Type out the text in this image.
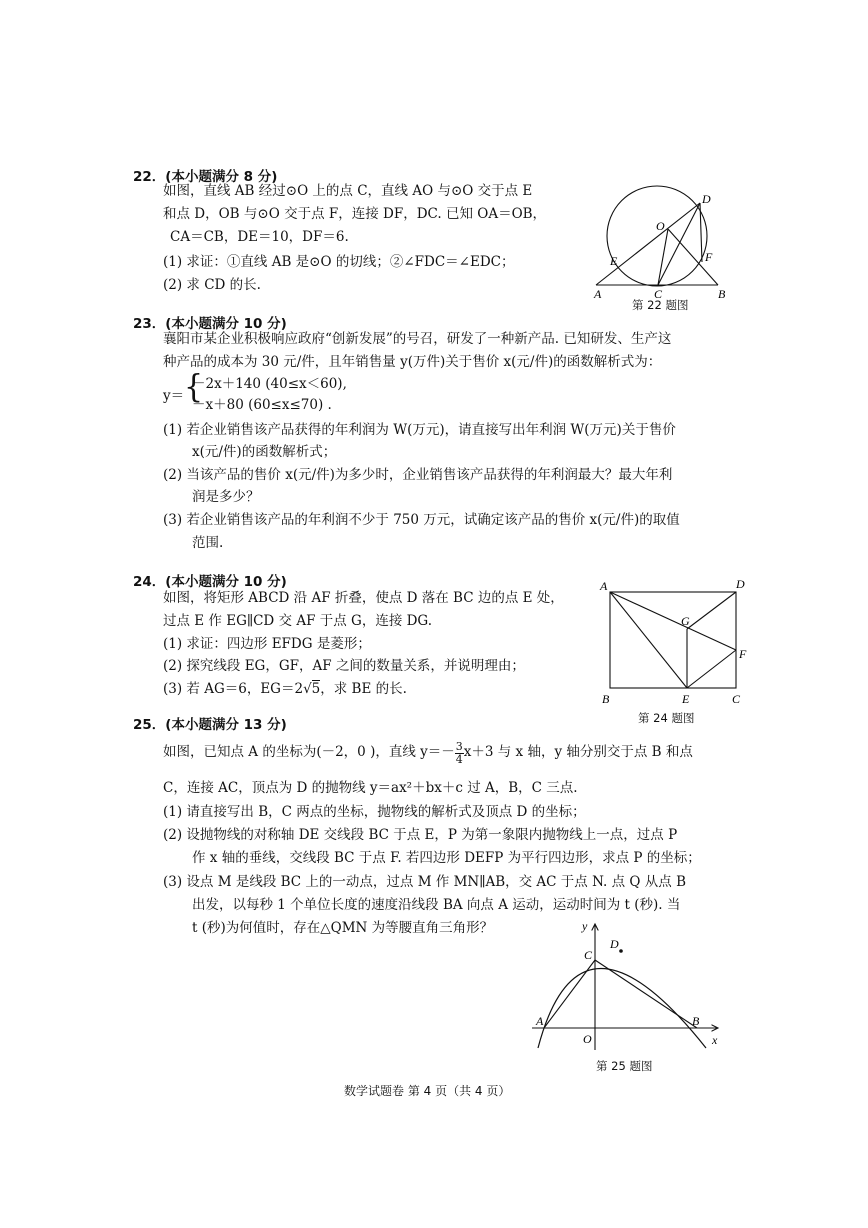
22．(本小题满分 8 分)
如图，直线 AB 经过⊙O 上的点 C，直线 AO 与⊙O 交于点 E
和点 D，OB 与⊙O 交于点 F，连接 DF，DC. 已知 OA＝OB，
CA＝CB，DE＝10，DF＝6.
(1) 求证：①直线 AB 是⊙O 的切线；②∠FDC＝∠EDC；
(2) 求 CD 的长.
D
O
E	F
A	C	B
第 22 题图
23．(本小题满分 10 分)
襄阳市某企业积极响应政府“创新发展”的号召，研发了一种新产品. 已知研发、生产这
种产品的成本为 30 元/件，且年销售量 y(万件)关于售价 x(元/件)的函数解析式为：
y＝ {
－2x＋140 (40≤x＜60),
－x＋80 (60≤x≤70) .
(1) 若企业销售该产品获得的年利润为 W(万元)，请直接写出年利润 W(万元)关于售价
x(元/件)的函数解析式；
(2) 当该产品的售价 x(元/件)为多少时，企业销售该产品获得的年利润最大？最大年利
润是多少？
(3) 若企业销售该产品的年利润不少于 750 万元，试确定该产品的售价 x(元/件)的取值
范围.
24．(本小题满分 10 分)
如图，将矩形 ABCD 沿 AF 折叠，使点 D 落在 BC 边的点 E 处，
过点 E 作 EG∥CD 交 AF 于点 G，连接 DG.
(1) 求证：四边形 EFDG 是菱形；
(2) 探究线段 EG，GF，AF 之间的数量关系，并说明理由；
(3) 若 AG＝6，EG＝2√5，求 BE 的长.
A	D
G
F
B	E	C
第 24 题图
25．(本小题满分 13 分)
如图，已知点 A 的坐标为(－2，0 )，直线 $y=- \frac{3}{4} x+3$ 与 x 轴，y 轴分别交于点 B 和点
C，连接 AC，顶点为 D 的抛物线 y＝ax²＋bx＋c 过 A，B，C 三点.
(1) 请直接写出 B，C 两点的坐标，抛物线的解析式及顶点 D 的坐标；
(2) 设抛物线的对称轴 DE 交线段 BC 于点 E，P 为第一象限内抛物线上一点，过点 P
作 x 轴的垂线，交线段 BC 于点 F. 若四边形 DEFP 为平行四边形，求点 P 的坐标；
(3) 设点 M 是线段 BC 上的一动点，过点 M 作 MN∥AB，交 AC 于点 N. 点 Q 从点 B
出发，以每秒 1 个单位长度的速度沿线段 BA 向点 A 运动，运动时间为 t (秒). 当
t (秒)为何值时，存在△QMN 为等腰直角三角形？	y
D
C
A	B
O	x
第 25 题图
数学试题卷 第 4 页（共 4 页）
